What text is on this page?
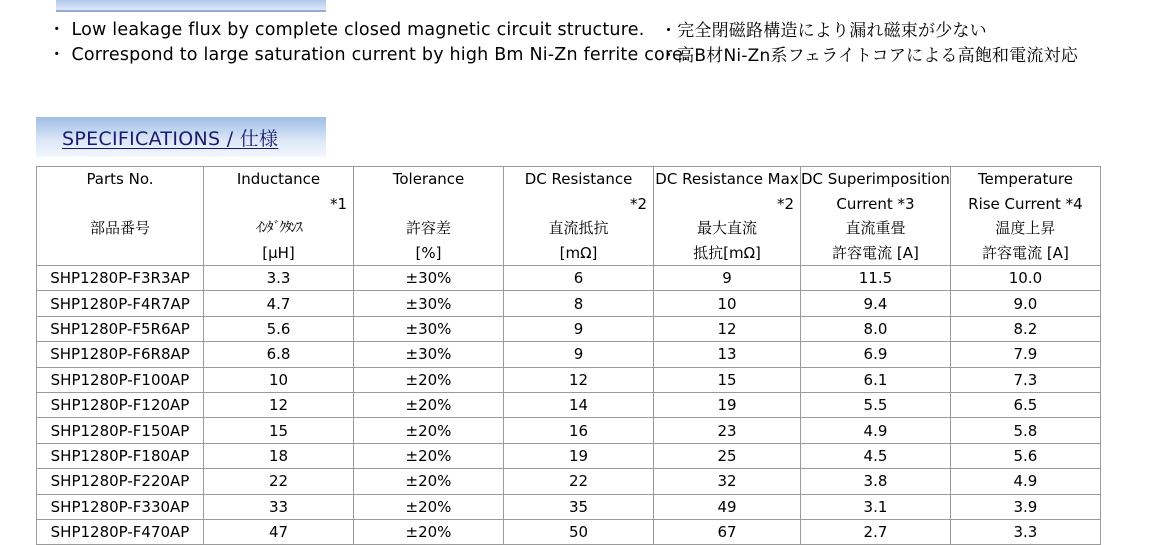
・ Low leakage flux by complete closed magnetic circuit structure.
・ Correspond to large saturation current by high Bm Ni-Zn ferrite core.
・完全閉磁路構造により漏れ磁束が少ない
・高B材Ni-Zn系フェライトコアによる高飽和電流対応
SPECIFICATIONS / 仕様
Parts No.	Inductance	Tolerance	DC Resistance	DC Resistance Max	DC Superimposition	Temperature
	*1		*2	*2	Current *3	Rise Current *4
部品番号	ｲﾝﾀﾞｸﾀﾝｽ	許容差	直流抵抗	最大直流	直流重畳	温度上昇
	[μH]	[%]	[mΩ]	抵抗[mΩ]	許容電流 [A]	許容電流 [A]
SHP1280P-F3R3AP	3.3	±30%	6	9	11.5	10.0
SHP1280P-F4R7AP	4.7	±30%	8	10	9.4	9.0
SHP1280P-F5R6AP	5.6	±30%	9	12	8.0	8.2
SHP1280P-F6R8AP	6.8	±30%	9	13	6.9	7.9
SHP1280P-F100AP	10	±20%	12	15	6.1	7.3
SHP1280P-F120AP	12	±20%	14	19	5.5	6.5
SHP1280P-F150AP	15	±20%	16	23	4.9	5.8
SHP1280P-F180AP	18	±20%	19	25	4.5	5.6
SHP1280P-F220AP	22	±20%	22	32	3.8	4.9
SHP1280P-F330AP	33	±20%	35	49	3.1	3.9
SHP1280P-F470AP	47	±20%	50	67	2.7	3.3
